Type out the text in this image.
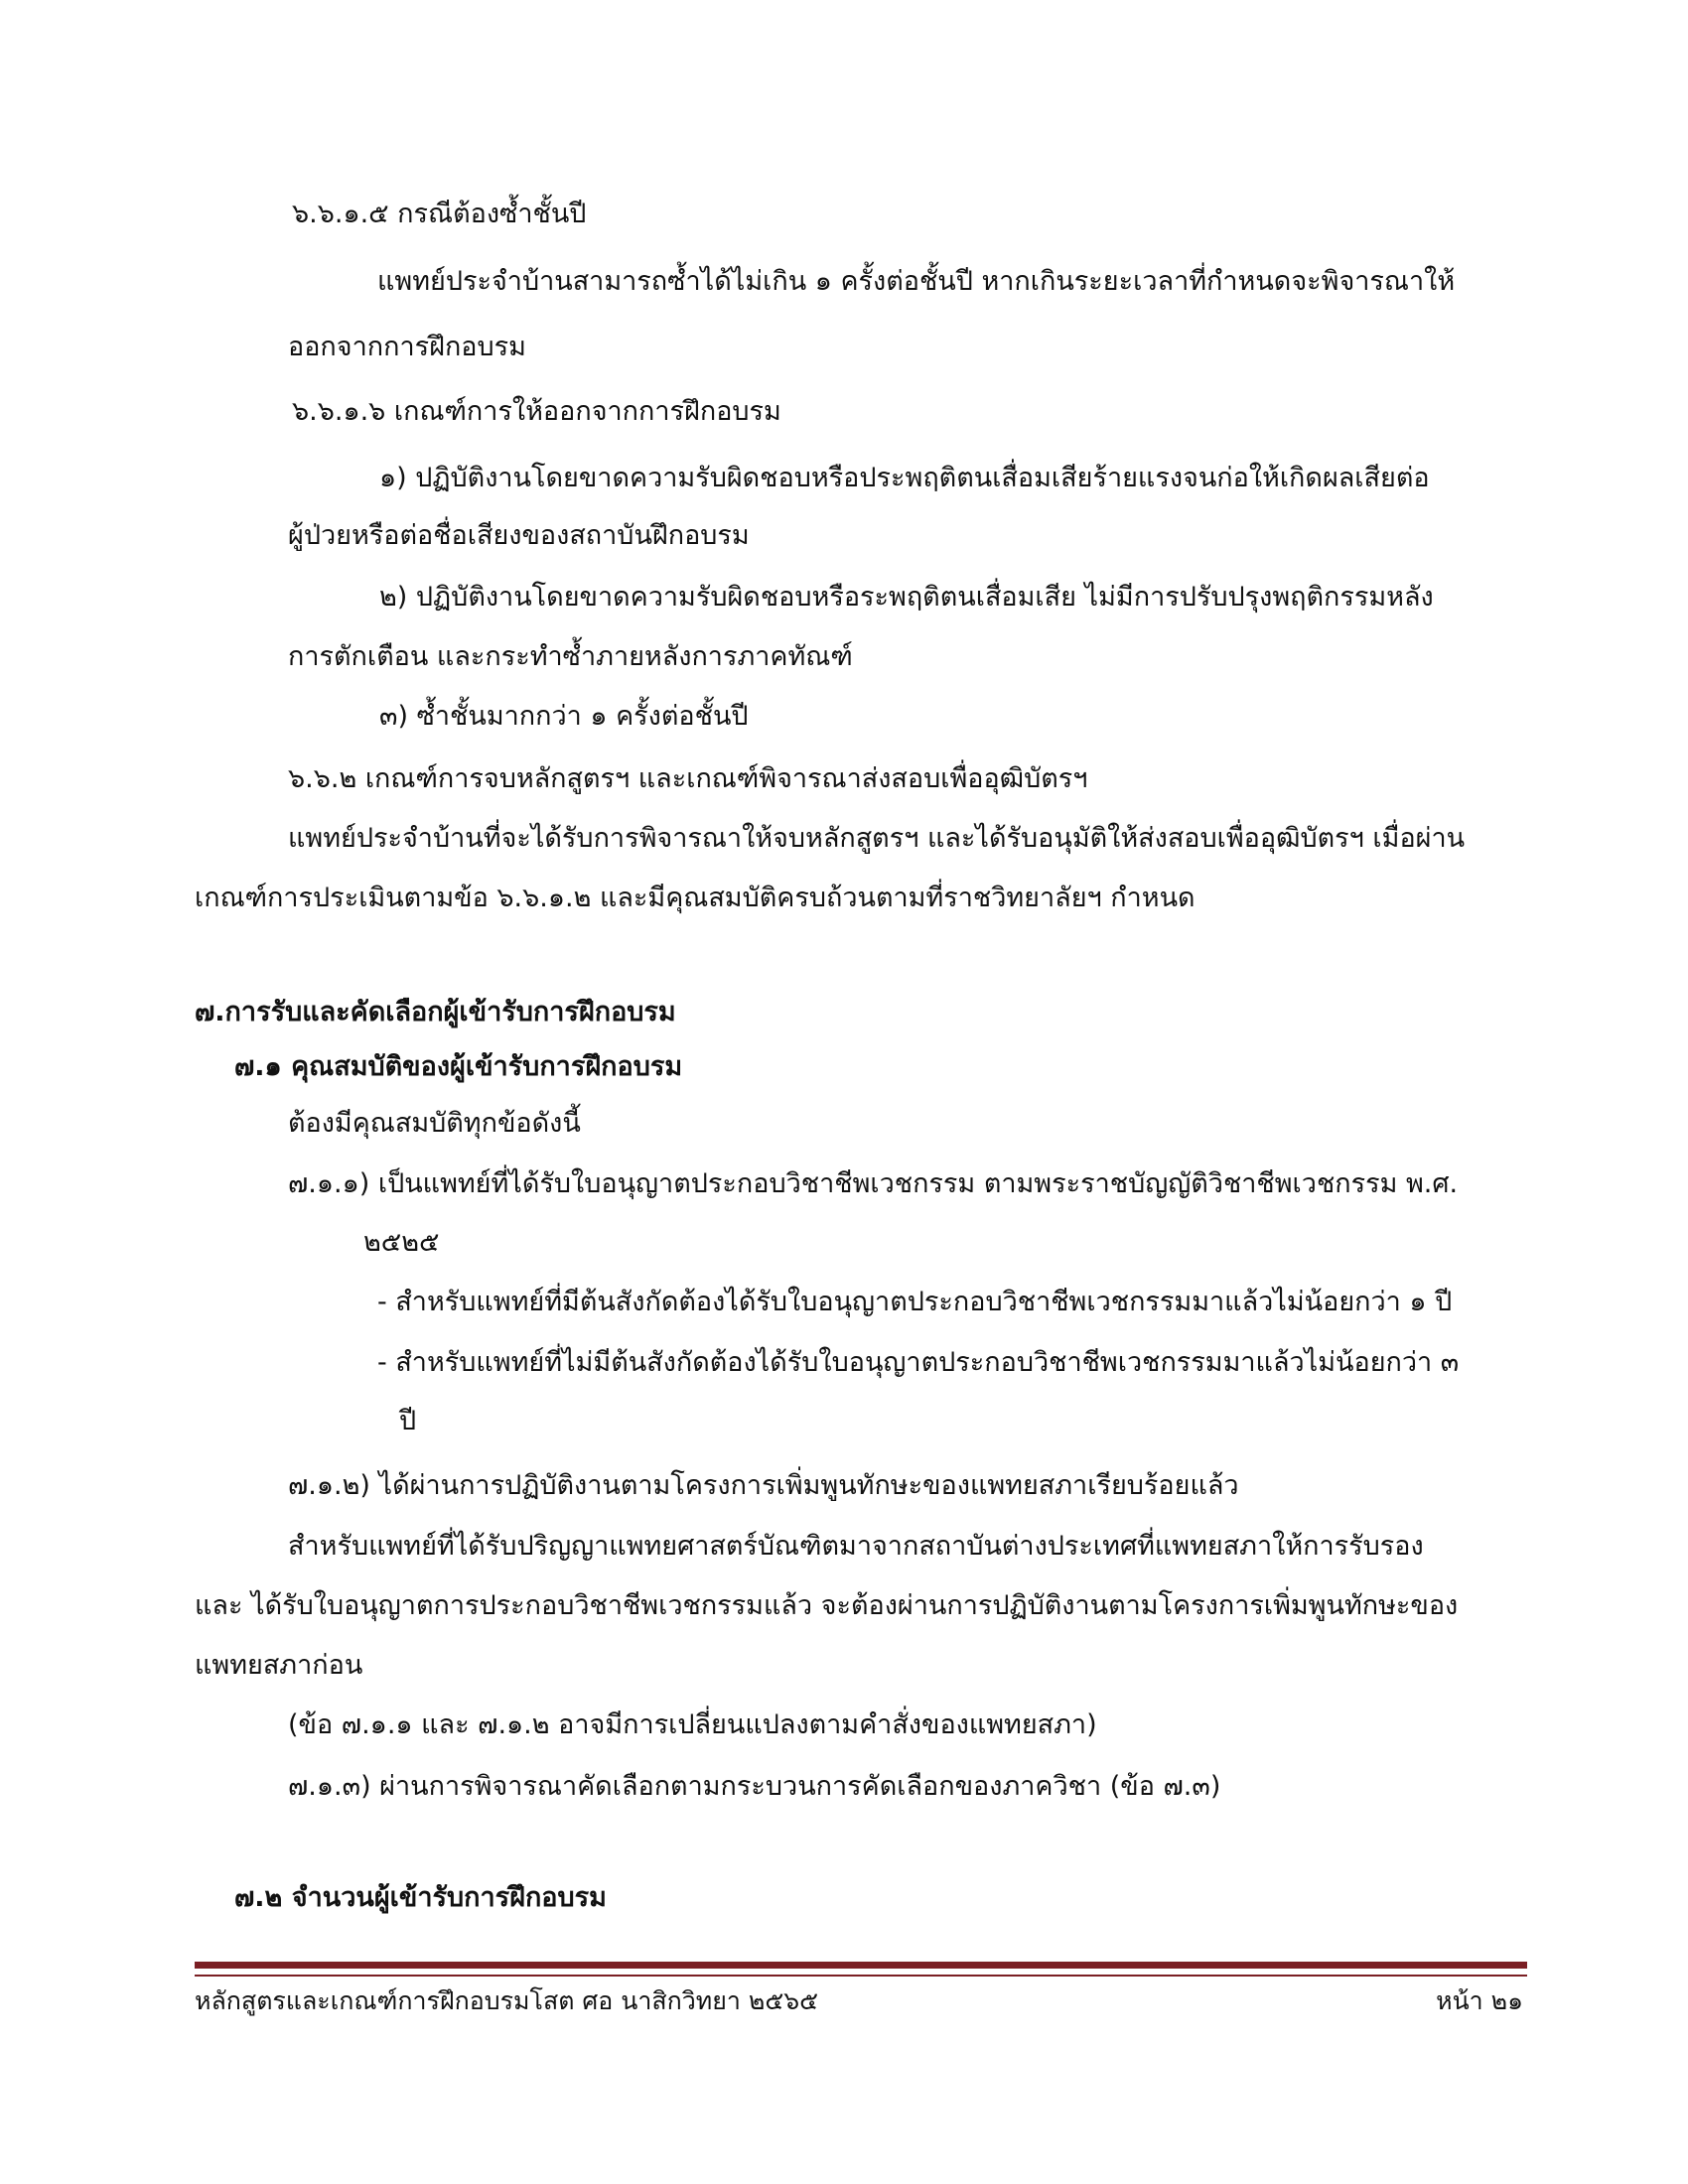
๖.๖.๑.๕ กรณีต้องซ้ำชั้นปี
แพทย์ประจำบ้านสามารถซ้ำได้ไม่เกิน ๑ ครั้งต่อชั้นปี หากเกินระยะเวลาที่กำหนดจะพิจารณาให้
ออกจากการฝึกอบรม
๖.๖.๑.๖ เกณฑ์การให้ออกจากการฝึกอบรม
๑) ปฏิบัติงานโดยขาดความรับผิดชอบหรือประพฤติตนเสื่อมเสียร้ายแรงจนก่อให้เกิดผลเสียต่อ
ผู้ป่วยหรือต่อชื่อเสียงของสถาบันฝึกอบรม
๒) ปฏิบัติงานโดยขาดความรับผิดชอบหรือระพฤติตนเสื่อมเสีย ไม่มีการปรับปรุงพฤติกรรมหลัง
การตักเตือน และกระทำซ้ำภายหลังการภาคทัณฑ์
๓) ซ้ำชั้นมากกว่า ๑ ครั้งต่อชั้นปี
๖.๖.๒ เกณฑ์การจบหลักสูตรฯ และเกณฑ์พิจารณาส่งสอบเพื่ออุฒิบัตรฯ
แพทย์ประจำบ้านที่จะได้รับการพิจารณาให้จบหลักสูตรฯ และได้รับอนุมัติให้ส่งสอบเพื่ออุฒิบัตรฯ เมื่อผ่าน
เกณฑ์การประเมินตามข้อ ๖.๖.๑.๒ และมีคุณสมบัติครบถ้วนตามที่ราชวิทยาลัยฯ กำหนด
๗.การรับและคัดเลือกผู้เข้ารับการฝึกอบรม
๗.๑ คุณสมบัติของผู้เข้ารับการฝึกอบรม
ต้องมีคุณสมบัติทุกข้อดังนี้
๗.๑.๑) เป็นแพทย์ที่ได้รับใบอนุญาตประกอบวิชาชีพเวชกรรม ตามพระราชบัญญัติวิชาชีพเวชกรรม พ.ศ.
๒๕๒๕
- สำหรับแพทย์ที่มีต้นสังกัดต้องได้รับใบอนุญาตประกอบวิชาชีพเวชกรรมมาแล้วไม่น้อยกว่า ๑ ปี
- สำหรับแพทย์ที่ไม่มีต้นสังกัดต้องได้รับใบอนุญาตประกอบวิชาชีพเวชกรรมมาแล้วไม่น้อยกว่า ๓
ปี
๗.๑.๒) ได้ผ่านการปฏิบัติงานตามโครงการเพิ่มพูนทักษะของแพทยสภาเรียบร้อยแล้ว
สำหรับแพทย์ที่ได้รับปริญญาแพทยศาสตร์บัณฑิตมาจากสถาบันต่างประเทศที่แพทยสภาให้การรับรอง
และ ได้รับใบอนุญาตการประกอบวิชาชีพเวชกรรมแล้ว จะต้องผ่านการปฏิบัติงานตามโครงการเพิ่มพูนทักษะของ
แพทยสภาก่อน
(ข้อ ๗.๑.๑ และ ๗.๑.๒ อาจมีการเปลี่ยนแปลงตามคำสั่งของแพทยสภา)
๗.๑.๓) ผ่านการพิจารณาคัดเลือกตามกระบวนการคัดเลือกของภาควิชา (ข้อ ๗.๓)
๗.๒ จำนวนผู้เข้ารับการฝึกอบรม
หลักสูตรและเกณฑ์การฝึกอบรมโสต ศอ นาสิกวิทยา ๒๕๖๕	หน้า ๒๑
